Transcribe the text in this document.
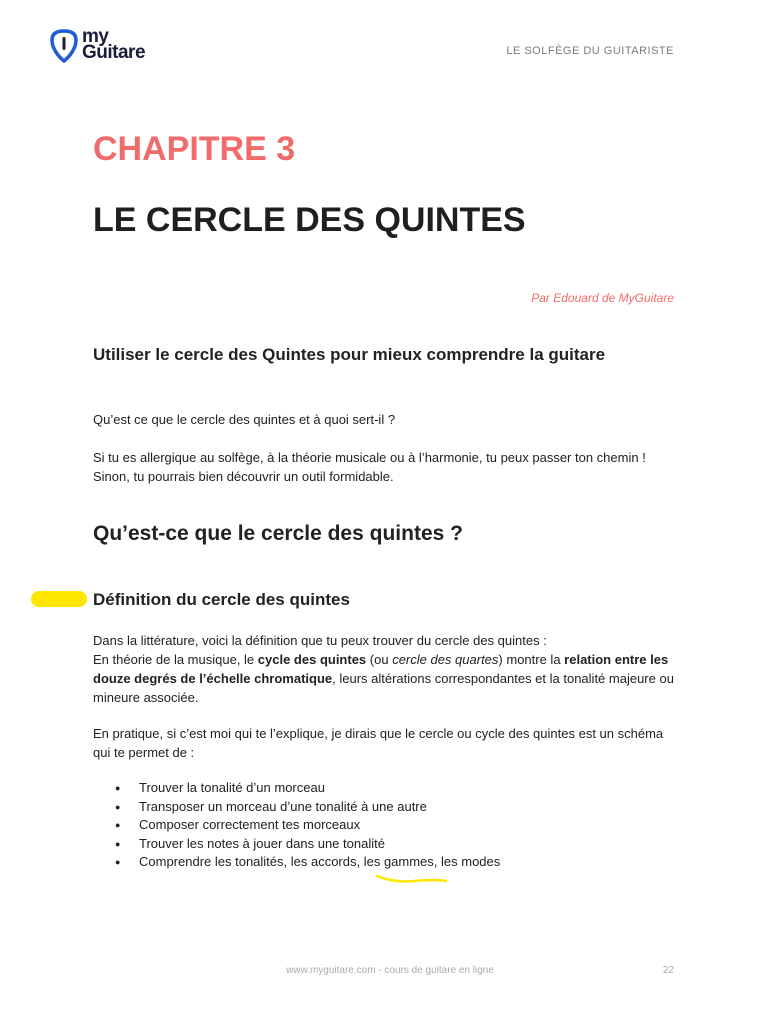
my
Guitare	LE SOLFÈGE DU GUITARISTE
CHAPITRE 3
LE CERCLE DES QUINTES
Par Edouard de MyGuitare
Utiliser le cercle des Quintes pour mieux comprendre la guitare
Qu’est ce que le cercle des quintes et à quoi sert-il ?
Si tu es allergique au solfège, à la théorie musicale ou à l’harmonie, tu peux passer ton chemin !
Sinon, tu pourrais bien découvrir un outil formidable.
Qu’est-ce que le cercle des quintes ?
Définition du cercle des quintes
Dans la littérature, voici la définition que tu peux trouver du cercle des quintes :
En théorie de la musique, le cycle des quintes (ou cercle des quartes) montre la relation entre les douze degrés de l’échelle chromatique, leurs altérations correspondantes et la tonalité majeure ou mineure associée.
En pratique, si c’est moi qui te l’explique, je dirais que le cercle ou cycle des quintes est un schéma qui te permet de :
● Trouver la tonalité d’un morceau
● Transposer un morceau d’une tonalité à une autre
● Composer correctement tes morceaux
● Trouver les notes à jouer dans une tonalité
● Comprendre les tonalités, les accords, les gammes, les modes
www.myguitare.com - cours de guitare en ligne	22
